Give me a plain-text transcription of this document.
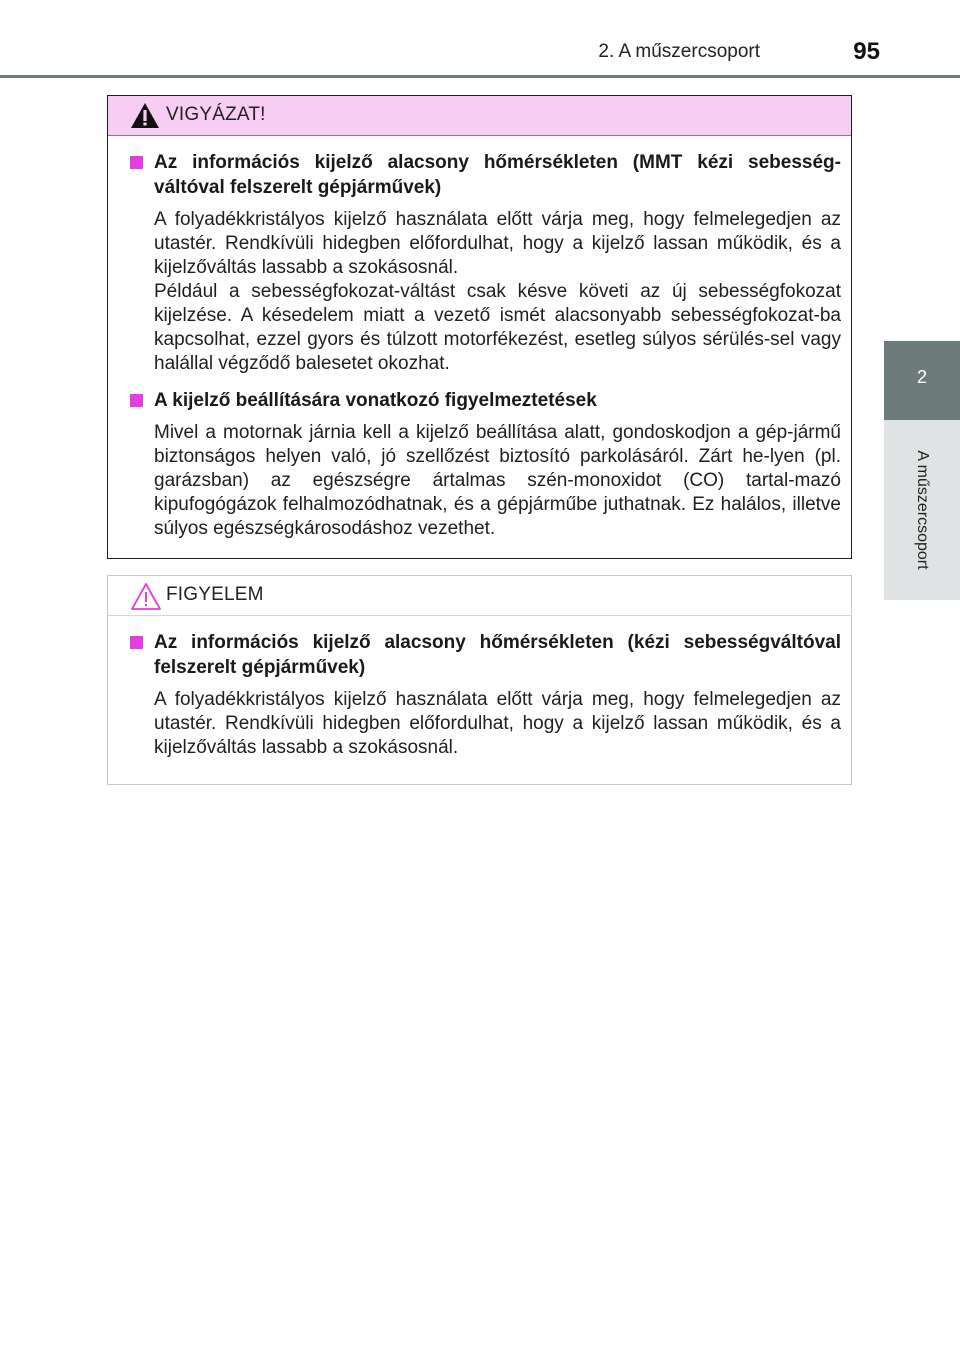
2. A műszercsoport	95
2
A műszercsoport
VIGYÁZAT!
Az információs kijelző alacsony hőmérsékleten (MMT kézi sebesség-váltóval felszerelt gépjárművek)

A folyadékkristályos kijelző használata előtt várja meg, hogy felmelegedjen az utastér. Rendkívüli hidegben előfordulhat, hogy a kijelző lassan működik, és a kijelzőváltás lassabb a szokásosnál.

Például a sebességfokozat-váltást csak késve követi az új sebességfokozat kijelzése. A késedelem miatt a vezető ismét alacsonyabb sebességfokozat-ba kapcsolhat, ezzel gyors és túlzott motorfékezést, esetleg súlyos sérülés-sel vagy halállal végződő balesetet okozhat.

A kijelző beállítására vonatkozó figyelmeztetések

Mivel a motornak járnia kell a kijelző beállítása alatt, gondoskodjon a gép-jármű biztonságos helyen való, jó szellőzést biztosító parkolásáról. Zárt he-lyen (pl. garázsban) az egészségre ártalmas szén-monoxidot (CO) tartal-mazó kipufogógázok felhalmozódhatnak, és a gépjárműbe juthatnak. Ez halálos, illetve súlyos egészségkárosodáshoz vezethet.

FIGYELEM
Az információs kijelző alacsony hőmérsékleten (kézi sebességváltóval felszerelt gépjárművek)

A folyadékkristályos kijelző használata előtt várja meg, hogy felmelegedjen az utastér. Rendkívüli hidegben előfordulhat, hogy a kijelző lassan működik, és a kijelzőváltás lassabb a szokásosnál.
